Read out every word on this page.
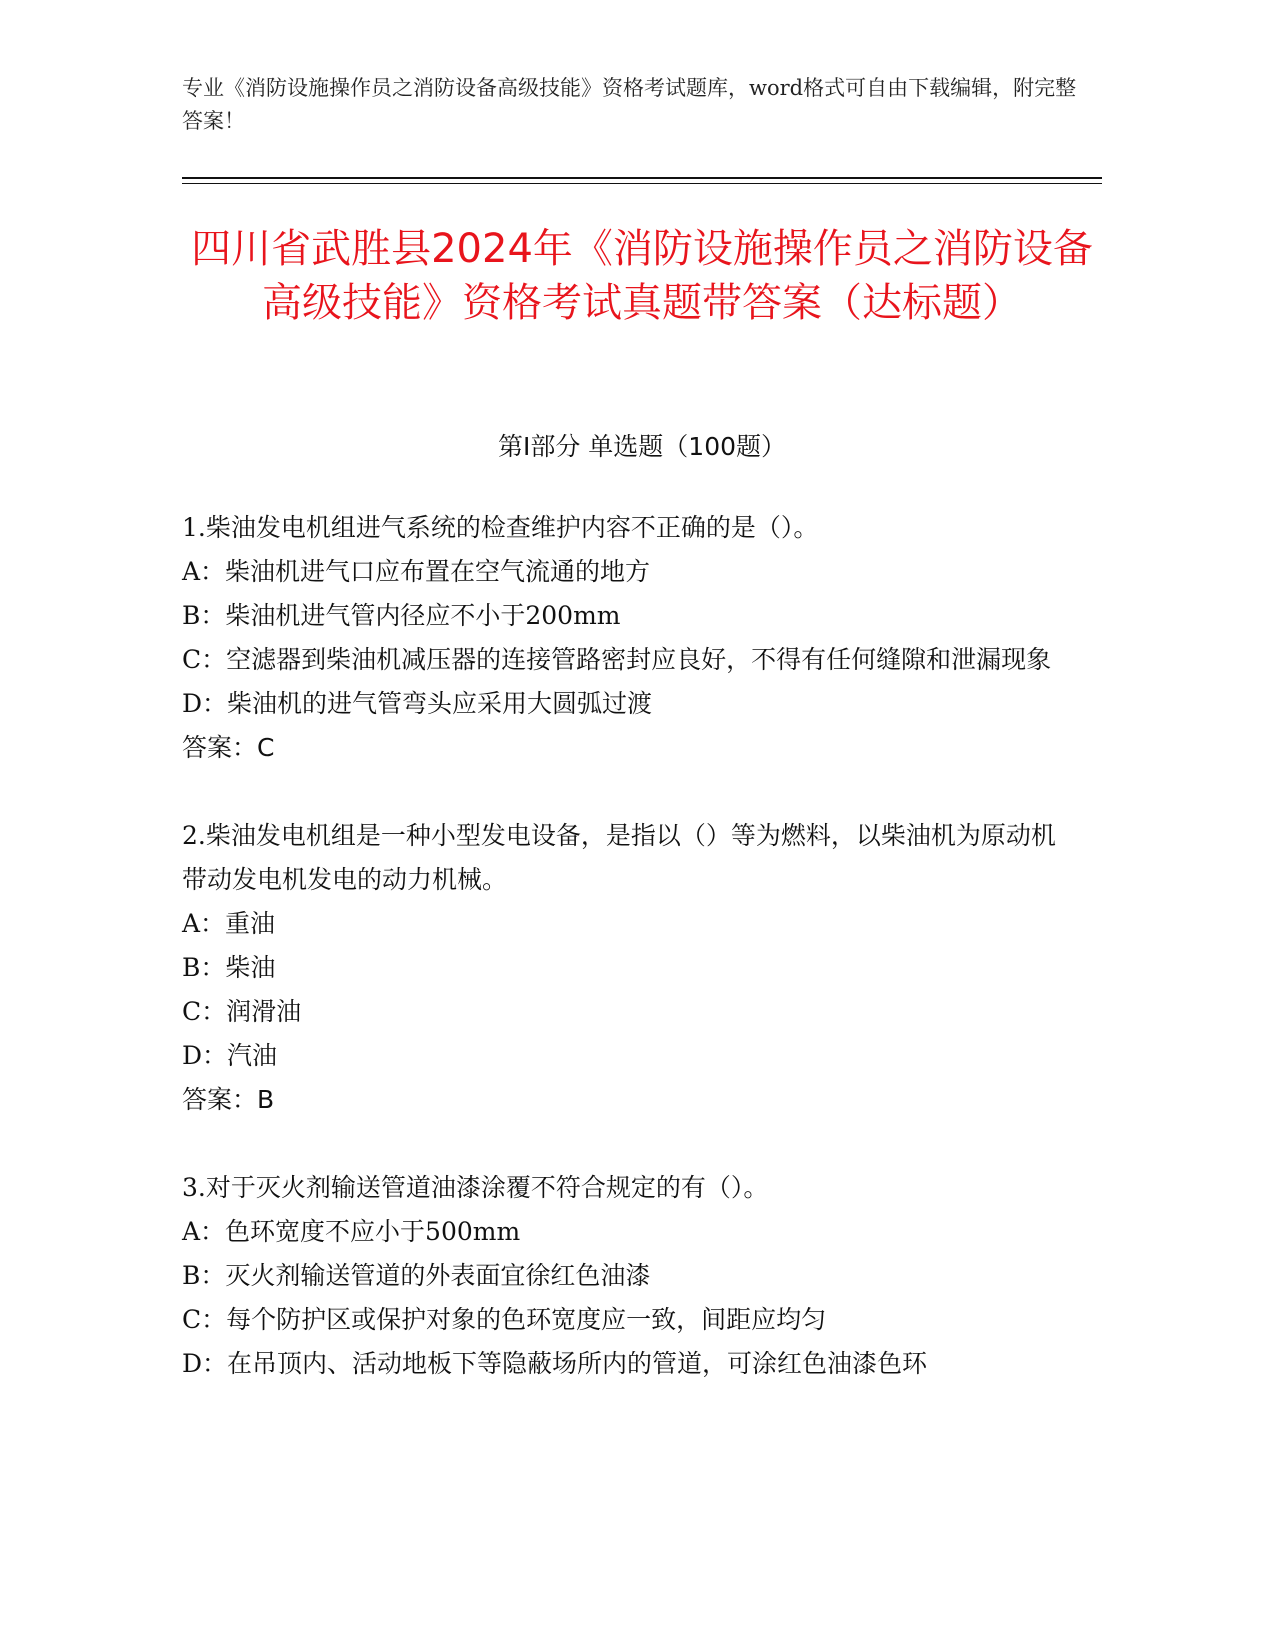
专业《消防设施操作员之消防设备高级技能》资格考试题库，word格式可自由下载编辑，附完整答案！
四川省武胜县2024年《消防设施操作员之消防设备高级技能》资格考试真题带答案（达标题）
第I部分 单选题（100题）
1.柴油发电机组进气系统的检查维护内容不正确的是（）。
A：柴油机进气口应布置在空气流通的地方
B：柴油机进气管内径应不小于200mm
C：空滤器到柴油机减压器的连接管路密封应良好，不得有任何缝隙和泄漏现象
D：柴油机的进气管弯头应采用大圆弧过渡
答案：C
2.柴油发电机组是一种小型发电设备，是指以（）等为燃料，以柴油机为原动机带动发电机发电的动力机械。
A：重油
B：柴油
C：润滑油
D：汽油
答案：B
3.对于灭火剂输送管道油漆涂覆不符合规定的有（）。
A：色环宽度不应小于500mm
B：灭火剂输送管道的外表面宜徐红色油漆
C：每个防护区或保护对象的色环宽度应一致，间距应均匀
D：在吊顶内、活动地板下等隐蔽场所内的管道，可涂红色油漆色环
